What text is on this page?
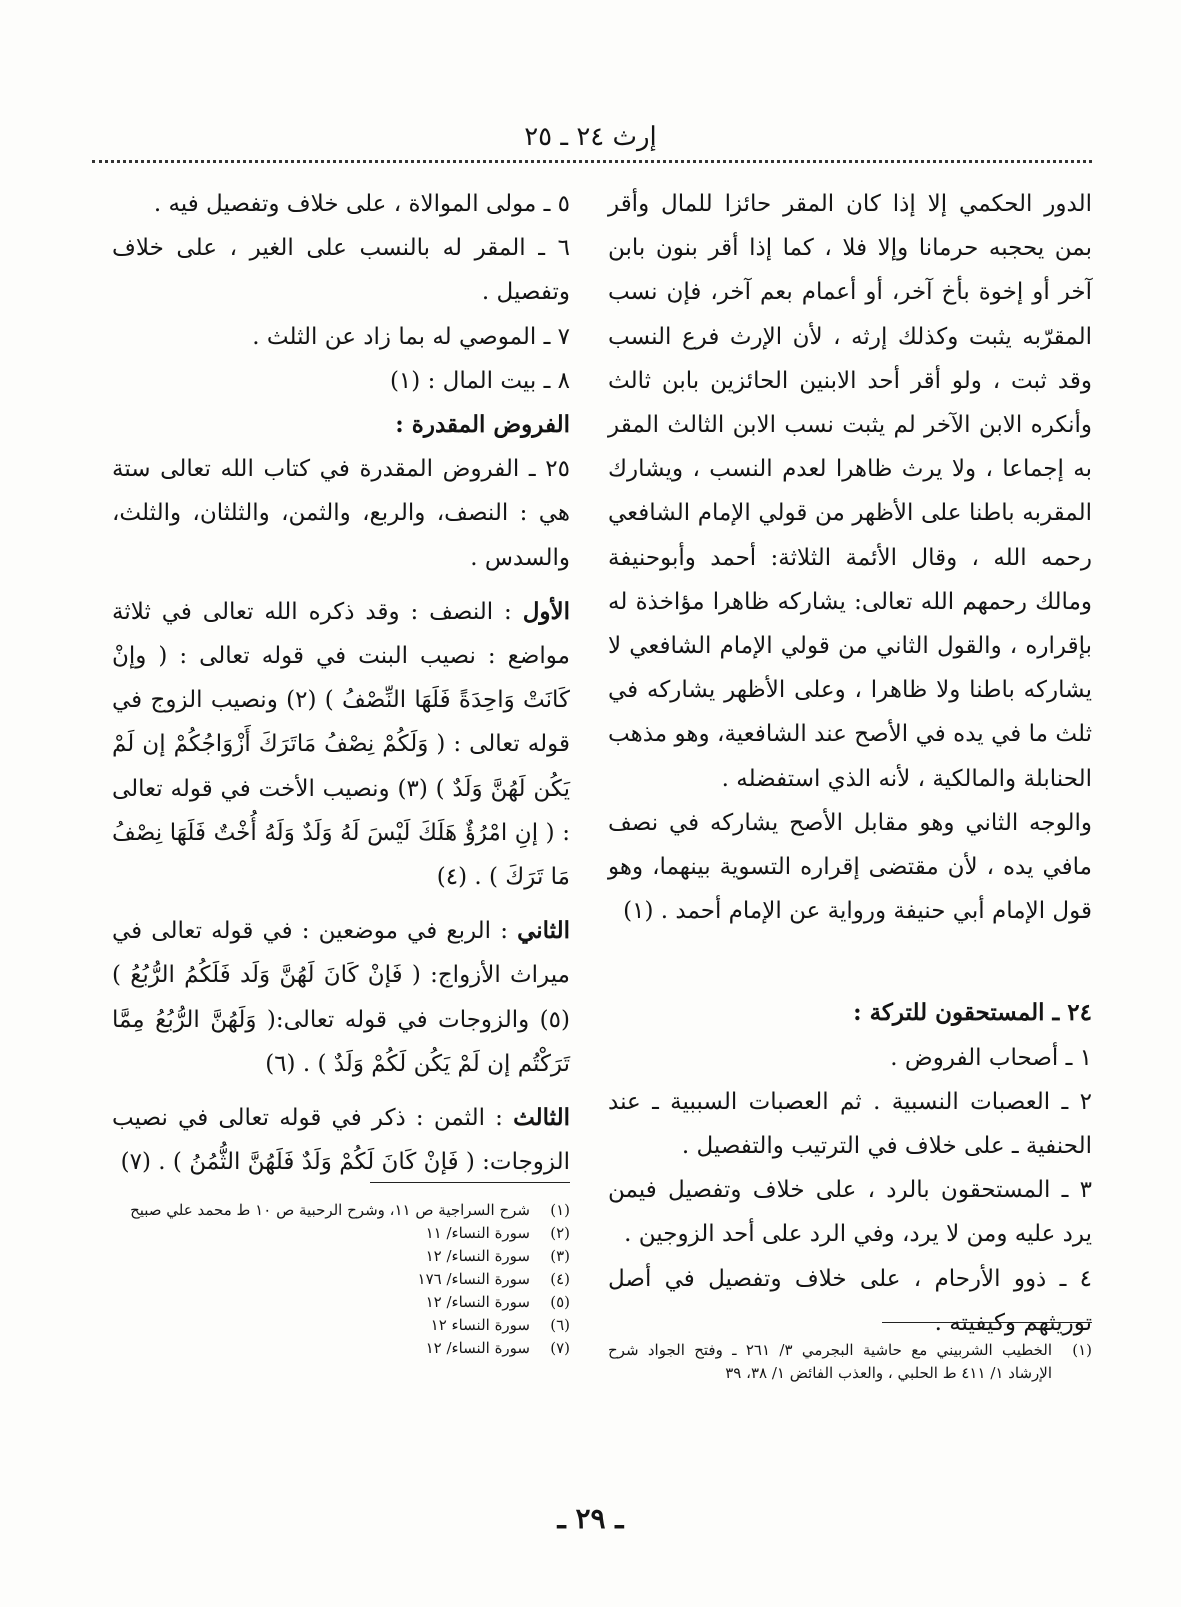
إرث ٢٤ ـ ٢٥

الدور الحكمي إلا إذا كان المقر حائزا للمال وأقر بمن يحجبه حرمانا وإلا فلا ، كما إذا أقر بنون بابن آخر أو إخوة بأخ آخر، أو أعمام بعم آخر، فإن نسب المقرّبه يثبت وكذلك إرثه ، لأن الإرث فرع النسب وقد ثبت ، ولو أقر أحد الابنين الحائزين بابن ثالث وأنكره الابن الآخر لم يثبت نسب الابن الثالث المقر به إجماعا ، ولا يرث ظاهرا لعدم النسب ، ويشارك المقربه باطنا على الأظهر من قولي الإمام الشافعي رحمه الله ، وقال الأئمة الثلاثة: أحمد وأبوحنيفة ومالك رحمهم الله تعالى: يشاركه ظاهرا مؤاخذة له بإقراره ، والقول الثاني من قولي الإمام الشافعي لا يشاركه باطنا ولا ظاهرا ، وعلى الأظهر يشاركه في ثلث ما في يده في الأصح عند الشافعية، وهو مذهب الحنابلة والمالكية ، لأنه الذي استفضله .

والوجه الثاني وهو مقابل الأصح يشاركه في نصف مافي يده ، لأن مقتضى إقراره التسوية بينهما، وهو قول الإمام أبي حنيفة ورواية عن الإمام أحمد . (١)

٢٤ ـ المستحقون للتركة :

١ ـ أصحاب الفروض .

٢ ـ العصبات النسبية . ثم العصبات السببية ـ عند الحنفية ـ على خلاف في الترتيب والتفصيل .

٣ ـ المستحقون بالرد ، على خلاف وتفصيل فيمن يرد عليه ومن لا يرد، وفي الرد على أحد الزوجين .

٤ ـ ذوو الأرحام ، على خلاف وتفصيل في أصل توريثهم وكيفيته .

٥ ـ مولى الموالاة ، على خلاف وتفصيل فيه .

٦ ـ المقر له بالنسب على الغير ، على خلاف وتفصيل .

٧ ـ الموصي له بما زاد عن الثلث .

٨ ـ بيت المال : (١)

الفروض المقدرة :

٢٥ ـ الفروض المقدرة في كتاب الله تعالى ستة هي : النصف، والربع، والثمن، والثلثان، والثلث، والسدس .

الأول : النصف : وقد ذكره الله تعالى في ثلاثة مواضع : نصيب البنت في قوله تعالى : ( وإنْ كَانَتْ وَاحِدَةً فَلَهَا النِّصْفُ ) (٢) ونصيب الزوج في قوله تعالى : ( وَلَكُمْ نِصْفُ مَاتَرَكَ أَزْوَاجُكُمْ إن لَمْ يَكُن لَهُنَّ وَلَدٌ ) (٣) ونصيب الأخت في قوله تعالى : ( إنِ امْرُؤٌ هَلَكَ لَيْسَ لَهُ وَلَدٌ وَلَهُ أُخْتٌ فَلَهَا نِصْفُ مَا تَرَكَ ) . (٤)

الثاني : الربع في موضعين : في قوله تعالى في ميراث الأزواج: ( فَإنْ كَانَ لَهُنَّ وَلَد فَلَكُمُ الرُّبُعُ ) (٥) والزوجات في قوله تعالى:( وَلَهُنَّ الرُّبُعُ مِمَّا تَرَكْتُم إن لَمْ يَكُن لَكُمْ وَلَدٌ ) . (٦)

الثالث : الثمن : ذكر في قوله تعالى في نصيب الزوجات: ( فَإنْ كَانَ لَكُمْ وَلَدٌ فَلَهُنَّ الثُّمُنُ ) . (٧)

(١)
الخطيب الشربيني مع حاشية البجرمي ٣/ ٢٦١ ـ وفتح الجواد شرح الإرشاد ١/ ٤١١ ط الحلبي ، والعذب الفائض ١/ ٣٨، ٣٩
(١)
شرح السراجية ص ١١، وشرح الرحبية ص ١٠ ط محمد علي صبيح
(٢)
سورة النساء/ ١١
(٣)
سورة النساء/ ١٢
(٤)
سورة النساء/ ١٧٦
(٥)
سورة النساء/ ١٢
(٦)
سورة النساء ١٢
(٧)
سورة النساء/ ١٢
ـ ٢٩ ـ
